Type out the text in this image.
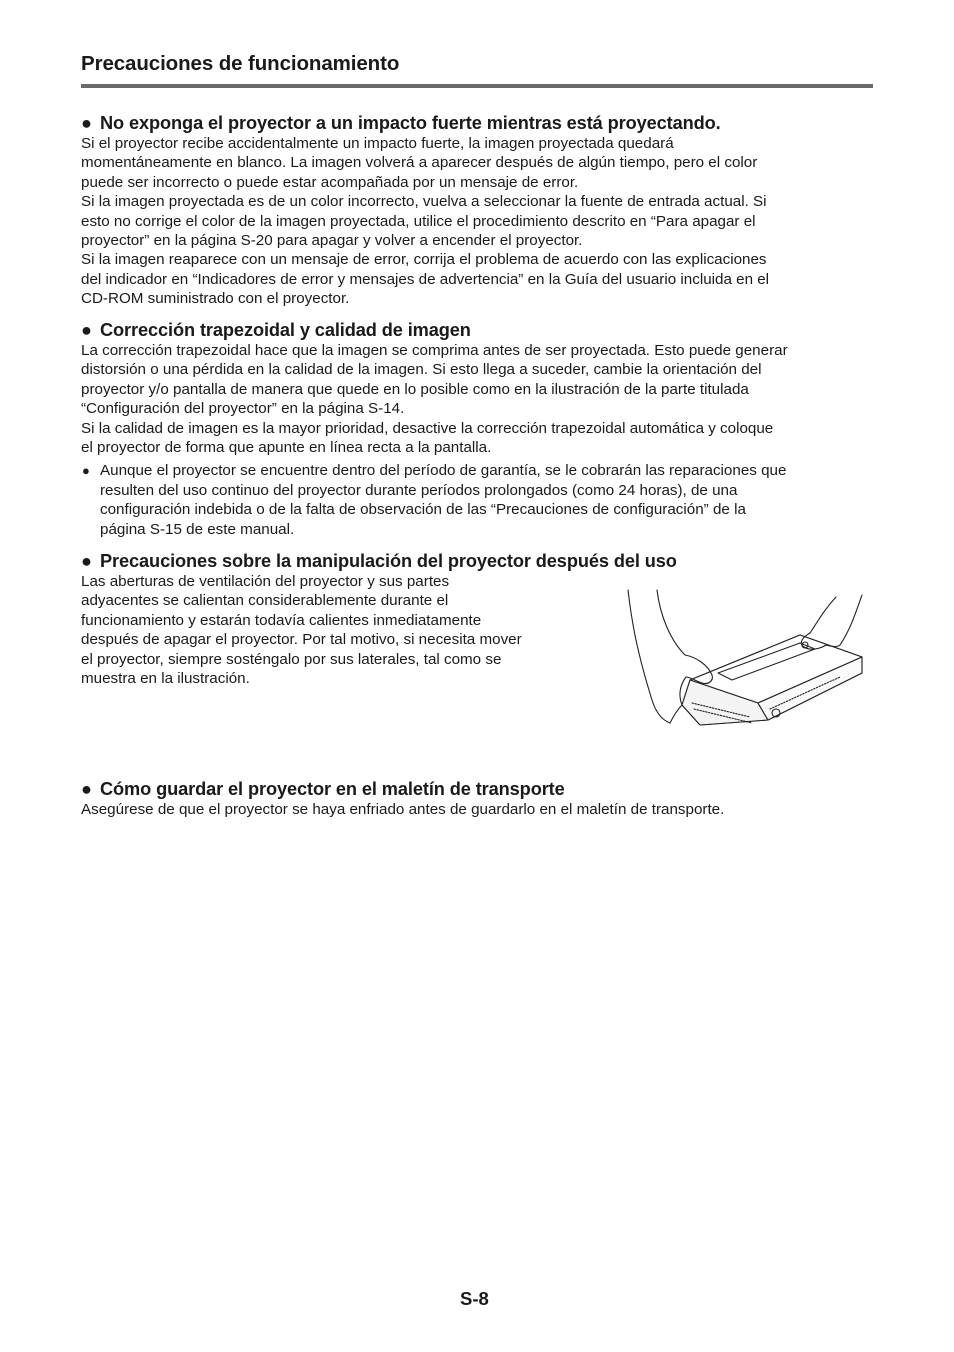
Precauciones de funcionamiento
● No exponga el proyector a un impacto fuerte mientras está proyectando.

Si el proyector recibe accidentalmente un impacto fuerte, la imagen proyectada quedará

momentáneamente en blanco. La imagen volverá a aparecer después de algún tiempo, pero el color

puede ser incorrecto o puede estar acompañada por un mensaje de error.

Si la imagen proyectada es de un color incorrecto, vuelva a seleccionar la fuente de entrada actual. Si

esto no corrige el color de la imagen proyectada, utilice el procedimiento descrito en “Para apagar el

proyector” en la página S-20 para apagar y volver a encender el proyector.

Si la imagen reaparece con un mensaje de error, corrija el problema de acuerdo con las explicaciones

del indicador en “Indicadores de error y mensajes de advertencia” en la Guía del usuario incluida en el

CD-ROM suministrado con el proyector.

● Corrección trapezoidal y calidad de imagen

La corrección trapezoidal hace que la imagen se comprima antes de ser proyectada. Esto puede generar

distorsión o una pérdida en la calidad de la imagen. Si esto llega a suceder, cambie la orientación del

proyector y/o pantalla de manera que quede en lo posible como en la ilustración de la parte titulada

“Configuración del proyector” en la página S-14.

Si la calidad de imagen es la mayor prioridad, desactive la corrección trapezoidal automática y coloque

el proyector de forma que apunte en línea recta a la pantalla.

● Aunque el proyector se encuentre dentro del período de garantía, se le cobrarán las reparaciones que
resulten del uso continuo del proyector durante períodos prolongados (como 24 horas), de una
configuración indebida o de la falta de observación de las “Precauciones de configuración” de la
página S-15 de este manual.
● Precauciones sobre la manipulación del proyector después del uso

Las aberturas de ventilación del proyector y sus partes

adyacentes se calientan considerablemente durante el

funcionamiento y estarán todavía calientes inmediatamente

después de apagar el proyector. Por tal motivo, si necesita mover

el proyector, siempre sosténgalo por sus laterales, tal como se

muestra en la ilustración.

● Cómo guardar el proyector en el maletín de transporte

Asegúrese de que el proyector se haya enfriado antes de guardarlo en el maletín de transporte.

S-8
